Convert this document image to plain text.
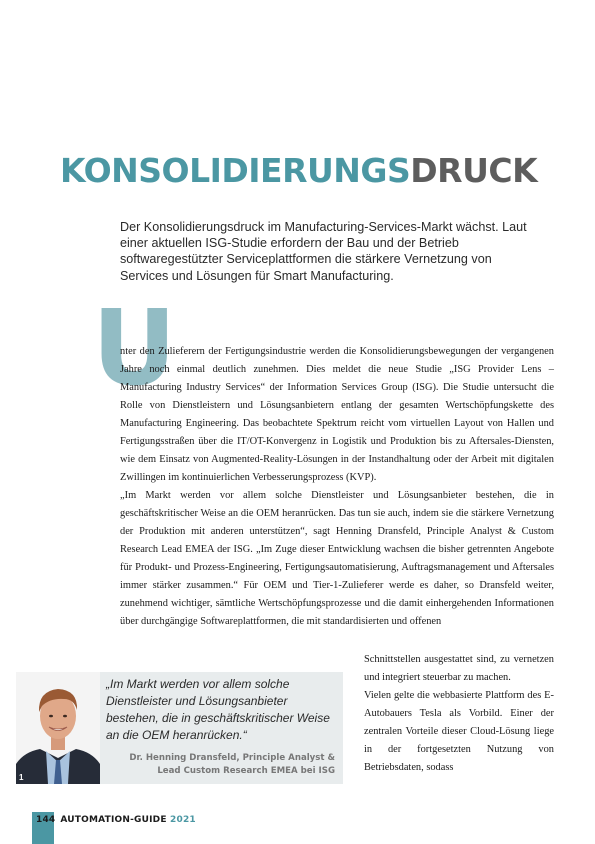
KONSOLIDIERUNGSDRUCK

Der Konsolidierungsdruck im Manufacturing-Services-Markt wächst. Laut einer aktuellen ISG-Studie erfordern der Bau und der Betrieb softwaregestützter Serviceplattformen die stärkere Vernetzung von Services und Lösungen für Smart Manufacturing.

U

nter den Zulieferern der Fertigungsindustrie werden die Konsolidierungsbewegungen der vergangenen Jahre noch einmal deutlich zunehmen. Dies meldet die neue Studie „ISG Provider Lens – Manufacturing Industry Services“ der Information Services Group (ISG). Die Studie untersucht die Rolle von Dienstleistern und Lösungsanbietern entlang der gesamten Wertschöpfungskette des Manufacturing Engineering. Das beobachtete Spektrum reicht vom virtuellen Layout von Hallen und Fertigungsstraßen über die IT/OT-Konvergenz in Logistik und Produktion bis zu Aftersales-Diensten, wie dem Einsatz von Augmented-Reality-Lösungen in der Instandhaltung oder der Arbeit mit digitalen Zwillingen im kontinuierlichen Verbesserungsprozess (KVP).

„Im Markt werden vor allem solche Dienstleister und Lösungsanbieter bestehen, die in geschäftskritischer Weise an die OEM heranrücken. Das tun sie auch, indem sie die stärkere Vernetzung der Produktion mit anderen unterstützen“, sagt Henning Dransfeld, Principle Analyst & Custom Research Lead EMEA der ISG. „Im Zuge dieser Entwicklung wachsen die bisher getrennten Angebote für Produkt- und Prozess-Engineering, Fertigungsautomatisierung, Auftragsmanagement und Aftersales immer stärker zusammen.“ Für OEM und Tier-1-Zulieferer werde es daher, so Dransfeld weiter, zunehmend wichtiger, sämtliche Wertschöpfungsprozesse und die damit einhergehenden Informationen über durchgängige Softwareplattformen, die mit standardisierten und offenen

Schnittstellen ausgestattet sind, zu vernetzen und integriert steuerbar zu machen.

Vielen gelte die webbasierte Plattform des E-Autobauers Tesla als Vorbild. Einer der zentralen Vorteile dieser Cloud-Lösung liege in der fortgesetzten Nutzung von Betriebsdaten, sodass

1

„Im Markt werden vor allem solche Dienstleister und Lösungsanbieter bestehen, die in geschäftskritischer Weise an die OEM heranrücken.“

Dr. Henning Dransfeld, Principle Analyst &
Lead Custom Research EMEA bei ISG

144 AUTOMATION-GUIDE 2021
